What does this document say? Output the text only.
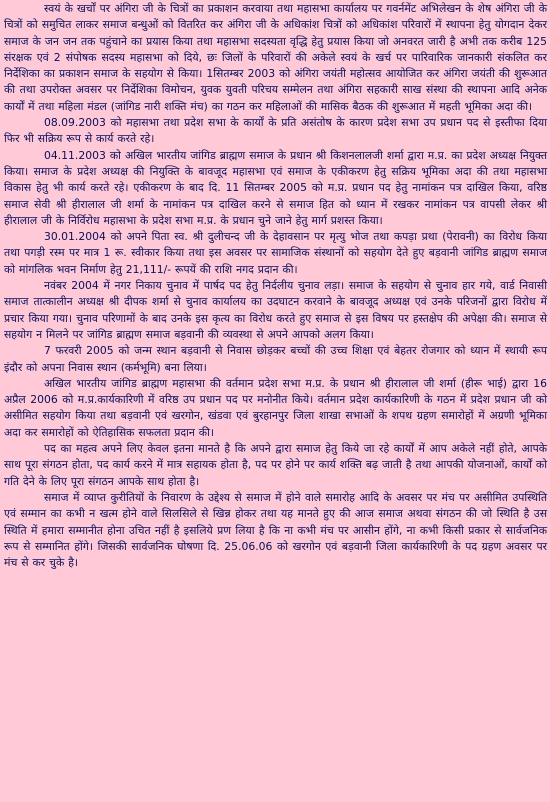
स्वयं के खर्चों पर अंगिरा जी के चित्रों का प्रकाशन करवाया तथा महासभा कार्यालय पर गवर्नमेंट अभिलेखन के शेष अंगिरा जी के चित्रों को समुचित लाकर समाज बन्धुओं को वितरित कर अंगिरा जी के अधिकांश चित्रों को अधिकांश परिवारों में स्थापना हेतु योगदान देकर समाज के जन जन तक पहुंचाने का प्रयास किया तथा महासभा सदस्यता वृद्धि हेतु प्रयास किया जो अनवरत जारी है अभी तक करीब 125 संरक्षक एवं 2 संपोषक सदस्य महासभा को दिये, छः जिलों के परिवारों की अकेले स्वयं के खर्च पर पारिवारिक जानकारी संकलित कर निर्देशिका का प्रकाशन समाज के सहयोग से किया। 1सितम्बर 2003 को अंगिरा जयंती महोत्सव आयोजित कर अंगिरा जयंती की शुरूआत की तथा उपरोक्त अवसर पर निर्देशिका विमोचन, युवक युवती परिचय सम्मेलन तथा अंगिरा सहकारी साख संस्था की स्थापना आदि अनेक कार्यों में तथा महिला मंडल (जांगिड नारी शक्ति मंच) का गठन कर महिलाओं की मासिक बैठक की शुरूआत में महती भूमिका अदा की।

08.09.2003 को महासभा तथा प्रदेश सभा के कार्यों के प्रति असंतोष के कारण प्रदेश सभा उप प्रधान पद से इस्तीफा दिया फिर भी सक्रिय रूप से कार्य करते रहे।

04.11.2003 को अखिल भारतीय जांगिड ब्राह्मण समाज के प्रधान श्री किशनलालजी शर्मा द्वारा म.प्र. का प्रदेश अध्यक्ष नियुक्त किया। समाज के प्रदेश अध्यक्ष की नियुक्ति के बावजूद महासभा एवं समाज के एकीकरण हेतु सक्रिय भूमिका अदा की तथा महासभा विकास हेतु भी कार्य करते रहे। एकीकरण के बाद दि. 11 सितम्बर 2005 को म.प्र. प्रधान पद हेतु नामांकन पत्र दाखिल किया, वरिष्ठ समाज सेवी श्री हीरालाल जी शर्मा के नामांकन पत्र दाखिल करने से समाज हित को ध्यान में रखकर नामांकन पत्र वापसी लेकर श्री हीरालाल जी के निर्विरोध महासभा के प्रदेश सभा म.प्र. के प्रधान चुने जाने हेतु मार्ग प्रशस्त किया।

30.01.2004 को अपने पिता स्व. श्री दुलीचन्द जी के देहावसान पर मृत्यु भोज तथा कपड़ा प्रथा (पेरावनी) का विरोध किया तथा पगड़ी रस्म पर मात्र 1 रू. स्वीकार किया तथा इस अवसर पर सामाजिक संस्थानों को सहयोग देते हुए बड़वानी जांगिड ब्राह्मण समाज को मांगलिक भवन निर्माण हेतु 21,111/- रूपयें की राशि नगद प्रदान की।

नवंबर 2004 में नगर निकाय चुनाव में पार्षद पद हेतु निर्दलीय चुनाव लड़ा। समाज के सहयोग से चुनाव हार गये, वार्ड निवासी समाज तात्कालीन अध्यक्ष श्री दीपक शर्मा से चुनाव कार्यालय का उदघाटन करवाने के बावजूद अध्यक्ष एवं उनके परिजनों द्वारा विरोध में प्रचार किया गया। चुनाव परिणामों के बाद उनके इस कृत्य का विरोध करते हुए समाज से इस विषय पर हस्तक्षेप की अपेक्षा की। समाज से सहयोग न मिलने पर जांगिड ब्राह्मण समाज बड़वानी की व्यवस्था से अपने आपको अलग किया।

7 फरवरी 2005 को जन्म स्थान बड़वानी से निवास छोड़कर बच्चों की उच्च शिक्षा एवं बेहतर रोजगार को ध्यान में स्थायी रूप इंदौर को अपना निवास स्थान (कर्मभूमि) बना लिया।

अखिल भारतीय जांगिड ब्राह्मण महासभा की वर्तमान प्रदेश सभा म.प्र. के प्रधान श्री हीरालाल जी शर्मा (हीरू भाई) द्वारा 16 अप्रैल 2006 को म.प्र.कार्यकारिणी में वरिष्ठ उप प्रधान पद पर मनोनीत किये। वर्तमान प्रदेश कार्यकारिणी के गठन में प्रदेश प्रधान जी को असीमित सहयोग किया तथा बड़वानी एवं खरगोन, खंडवा एवं बुरहानपुर जिला शाखा सभाओं के शपथ ग्रहण समारोहों में अग्रणी भूमिका अदा कर समारोहों को ऐतिहासिक सफलता प्रदान की।

पद का महत्व अपने लिए केवल इतना मानते है कि अपने द्वारा समाज हेतु किये जा रहे कार्यों में आप अकेले नहीं होते, आपके साथ पूरा संगठन होता, पद कार्य करने में मात्र सहायक होता है, पद पर होने पर कार्य शक्ति बढ़ जाती है तथा आपकी योजनाओं, कार्यों को गति देने के लिए पूरा संगठन आपके साथ होता है।

समाज में व्याप्त कुरीतियों के निवारण के उद्देश्य से समाज में होने वाले समारोह आदि के अवसर पर मंच पर असीमित उपस्थिति एवं सम्मान का कभी न खत्म होने वाले सिलसिले से खिन्न होकर तथा यह मानते हुए की आज समाज अथवा संगठन की जो स्थिति है उस स्थिति में हमारा सम्मानीत होना उचित नहीं है इसलिये प्रण लिया है कि ना कभी मंच पर आसीन होंगे, ना कभी किसी प्रकार से सार्वजनिक रूप से सम्मानित होंगे। जिसकी सार्वजनिक घोषणा दि. 25.06.06 को खरगोन एवं बड़वानी जिला कार्यकारिणी के पद ग्रहण अवसर पर मंच से कर चुके है।
